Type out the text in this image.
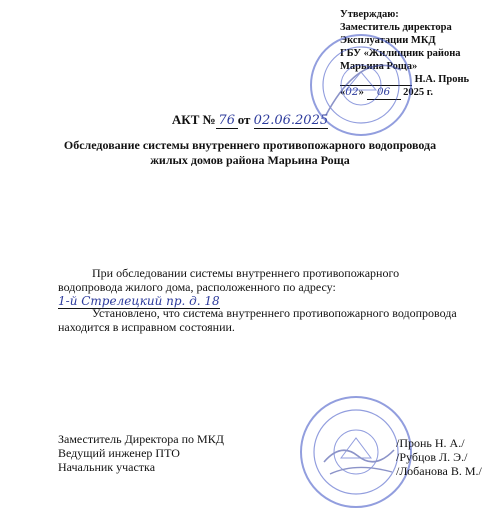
Утверждаю:
Заместитель директора
Эксплуатации МКД
ГБУ «Жилищник района
Марьина Роща»
Н.А. Пронь
«02» 06 2025 г.
АКТ № 76 от 02.06.2025
Обследование системы внутреннего противопожарного водопровода
жилых домов района Марьина Роща
При обследовании системы внутреннего противопожарного
водопровода жилого дома, расположенного по адресу: 1-й Стрелецкий пр. д. 18
Установлено, что система внутреннего противопожарного водопровода
находится в исправном состоянии.
Заместитель Директора по МКД
Ведущий инженер ПТО
Начальник участка
/Пронь Н. А./
/Рубцов Л. Э./
/Лобанова В. М./
